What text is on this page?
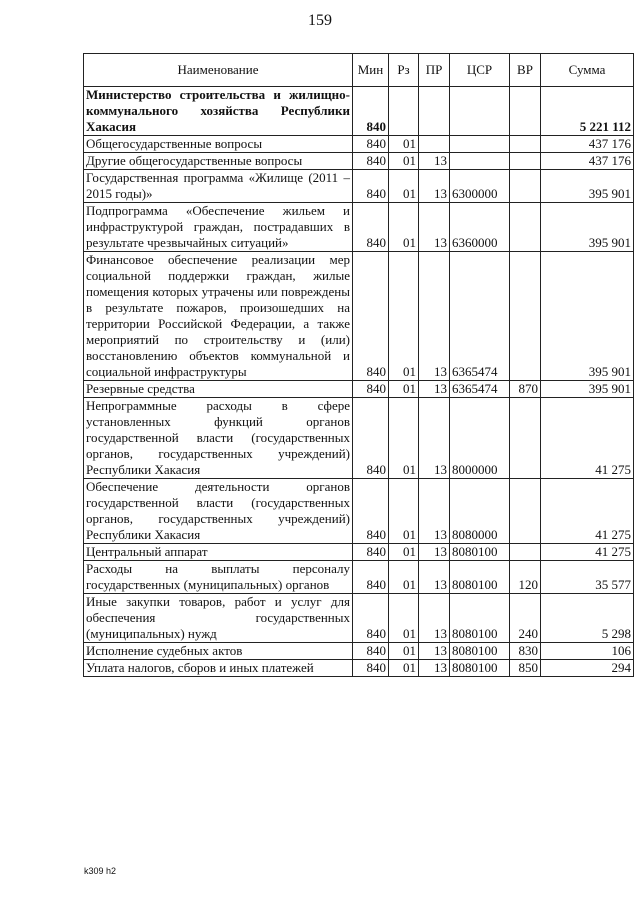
159
Наименование	Мин	Рз	ПР	ЦСР	ВР	Сумма
Министерство строительства и жилищно-коммунального хозяйства Республики Хакасия	840					5 221 112
Общегосударственные вопросы	840	01				437 176
Другие общегосударственные вопросы	840	01	13			437 176
Государственная программа «Жилище (2011 – 2015 годы)»	840	01	13	6300000		395 901
Подпрограмма «Обеспечение жильем и инфраструктурой граждан, пострадавших в результате чрезвычайных ситуаций»	840	01	13	6360000		395 901
Финансовое обеспечение реализации мер социальной поддержки граждан, жилые помещения которых утрачены или повреждены в результате пожаров, произошедших на территории Российской Федерации, а также мероприятий по строительству и (или) восстановлению объектов коммунальной и социальной инфраструктуры	840	01	13	6365474		395 901
Резервные средства	840	01	13	6365474	870	395 901
Непрограммные расходы в сфере установленных функций органов государственной власти (государственных органов, государственных учреждений) Республики Хакасия	840	01	13	8000000		41 275
Обеспечение деятельности органов государственной власти (государственных органов, государственных учреждений) Республики Хакасия	840	01	13	8080000		41 275
Центральный аппарат	840	01	13	8080100		41 275
Расходы на выплаты персоналу государственных (муниципальных) органов	840	01	13	8080100	120	35 577
Иные закупки товаров, работ и услуг для обеспечения государственных (муниципальных) нужд	840	01	13	8080100	240	5 298
Исполнение судебных актов	840	01	13	8080100	830	106
Уплата налогов, сборов и иных платежей	840	01	13	8080100	850	294
k309 h2
